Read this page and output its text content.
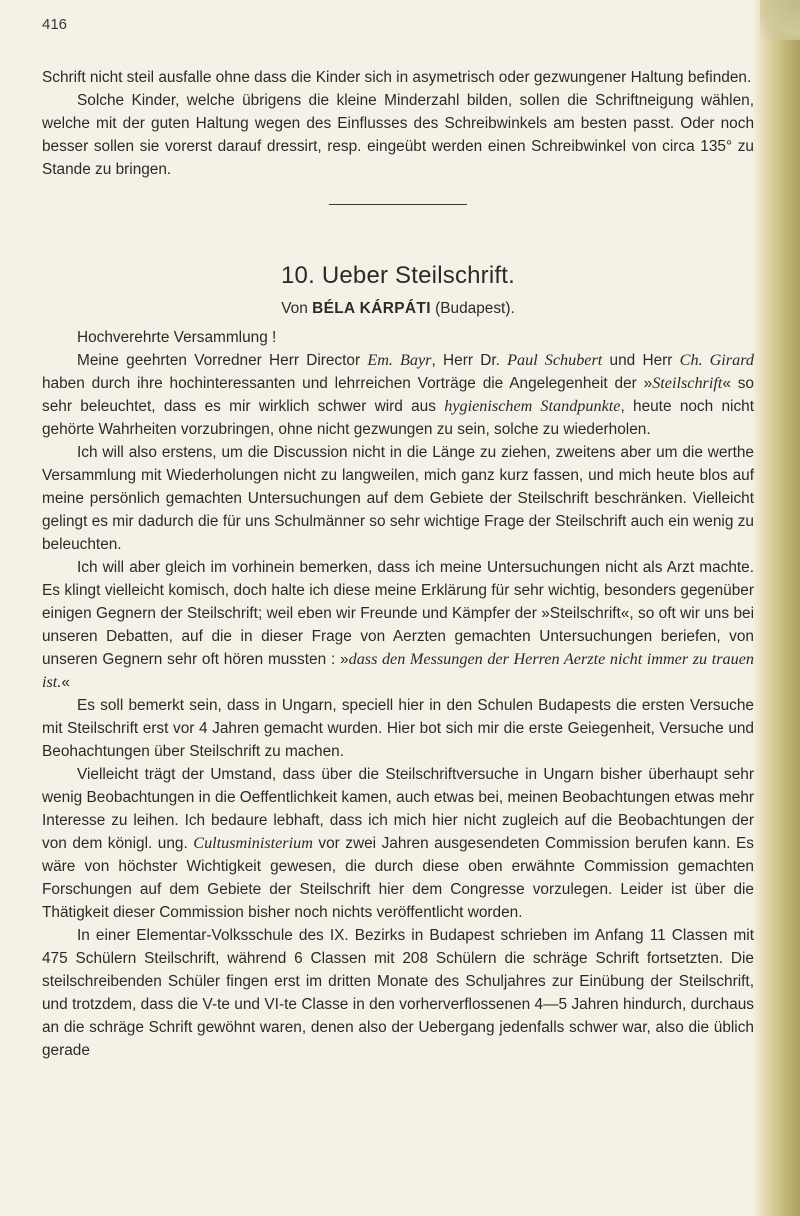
416

Schrift nicht steil ausfalle ohne dass die Kinder sich in asymetrisch oder gezwungener Haltung befinden.

Solche Kinder, welche übrigens die kleine Minderzahl bilden, sollen die Schriftneigung wählen, welche mit der guten Haltung wegen des Einflusses des Schreibwinkels am besten passt. Oder noch besser sollen sie vorerst darauf dressirt, resp. eingeübt werden einen Schreibwinkel von circa 135° zu Stande zu bringen.

10. Ueber Steilschrift.
Von BÉLA KÁRPÁTI (Budapest).

Hochverehrte Versammlung !

Meine geehrten Vorredner Herr Director Em. Bayr, Herr Dr. Paul Schubert und Herr Ch. Girard haben durch ihre hochinteressanten und lehrreichen Vorträge die Angelegenheit der »Steilschrift« so sehr beleuchtet, dass es mir wirklich schwer wird aus hygienischem Standpunkte, heute noch nicht gehörte Wahrheiten vorzubringen, ohne nicht gezwungen zu sein, solche zu wiederholen.

Ich will also erstens, um die Discussion nicht in die Länge zu ziehen, zweitens aber um die werthe Versammlung mit Wiederholungen nicht zu langweilen, mich ganz kurz fassen, und mich heute blos auf meine persönlich gemachten Untersuchungen auf dem Gebiete der Steilschrift beschränken. Vielleicht gelingt es mir dadurch die für uns Schulmänner so sehr wichtige Frage der Steilschrift auch ein wenig zu beleuchten.

Ich will aber gleich im vorhinein bemerken, dass ich meine Untersuchungen nicht als Arzt machte. Es klingt vielleicht komisch, doch halte ich diese meine Erklärung für sehr wichtig, besonders gegenüber einigen Gegnern der Steilschrift; weil eben wir Freunde und Kämpfer der »Steilschrift«, so oft wir uns bei unseren Debatten, auf die in dieser Frage von Aerzten gemachten Untersuchungen beriefen, von unseren Gegnern sehr oft hören mussten : »dass den Messungen der Herren Aerzte nicht immer zu trauen ist.«

Es soll bemerkt sein, dass in Ungarn, speciell hier in den Schulen Budapests die ersten Versuche mit Steilschrift erst vor 4 Jahren gemacht wurden. Hier bot sich mir die erste Geiegenheit, Versuche und Beohachtungen über Steilschrift zu machen.

Vielleicht trägt der Umstand, dass über die Steilschriftversuche in Ungarn bisher überhaupt sehr wenig Beobachtungen in die Oeffentlichkeit kamen, auch etwas bei, meinen Beobachtungen etwas mehr Interesse zu leihen. Ich bedaure lebhaft, dass ich mich hier nicht zugleich auf die Beobachtungen der von dem königl. ung. Cultusministerium vor zwei Jahren ausgesendeten Commission berufen kann. Es wäre von höchster Wichtigkeit gewesen, die durch diese oben erwähnte Commission gemachten Forschungen auf dem Gebiete der Steilschrift hier dem Congresse vorzulegen. Leider ist über die Thätigkeit dieser Commission bisher noch nichts veröffentlicht worden.

In einer Elementar-Volksschule des IX. Bezirks in Budapest schrieben im Anfang 11 Classen mit 475 Schülern Steilschrift, während 6 Classen mit 208 Schülern die schräge Schrift fortsetzten. Die steilschreibenden Schüler fingen erst im dritten Monate des Schuljahres zur Einübung der Steilschrift, und trotzdem, dass die V-te und VI-te Classe in den vorherverflossenen 4—5 Jahren hindurch, durchaus an die schräge Schrift gewöhnt waren, denen also der Uebergang jedenfalls schwer war, also die üblich gerade
